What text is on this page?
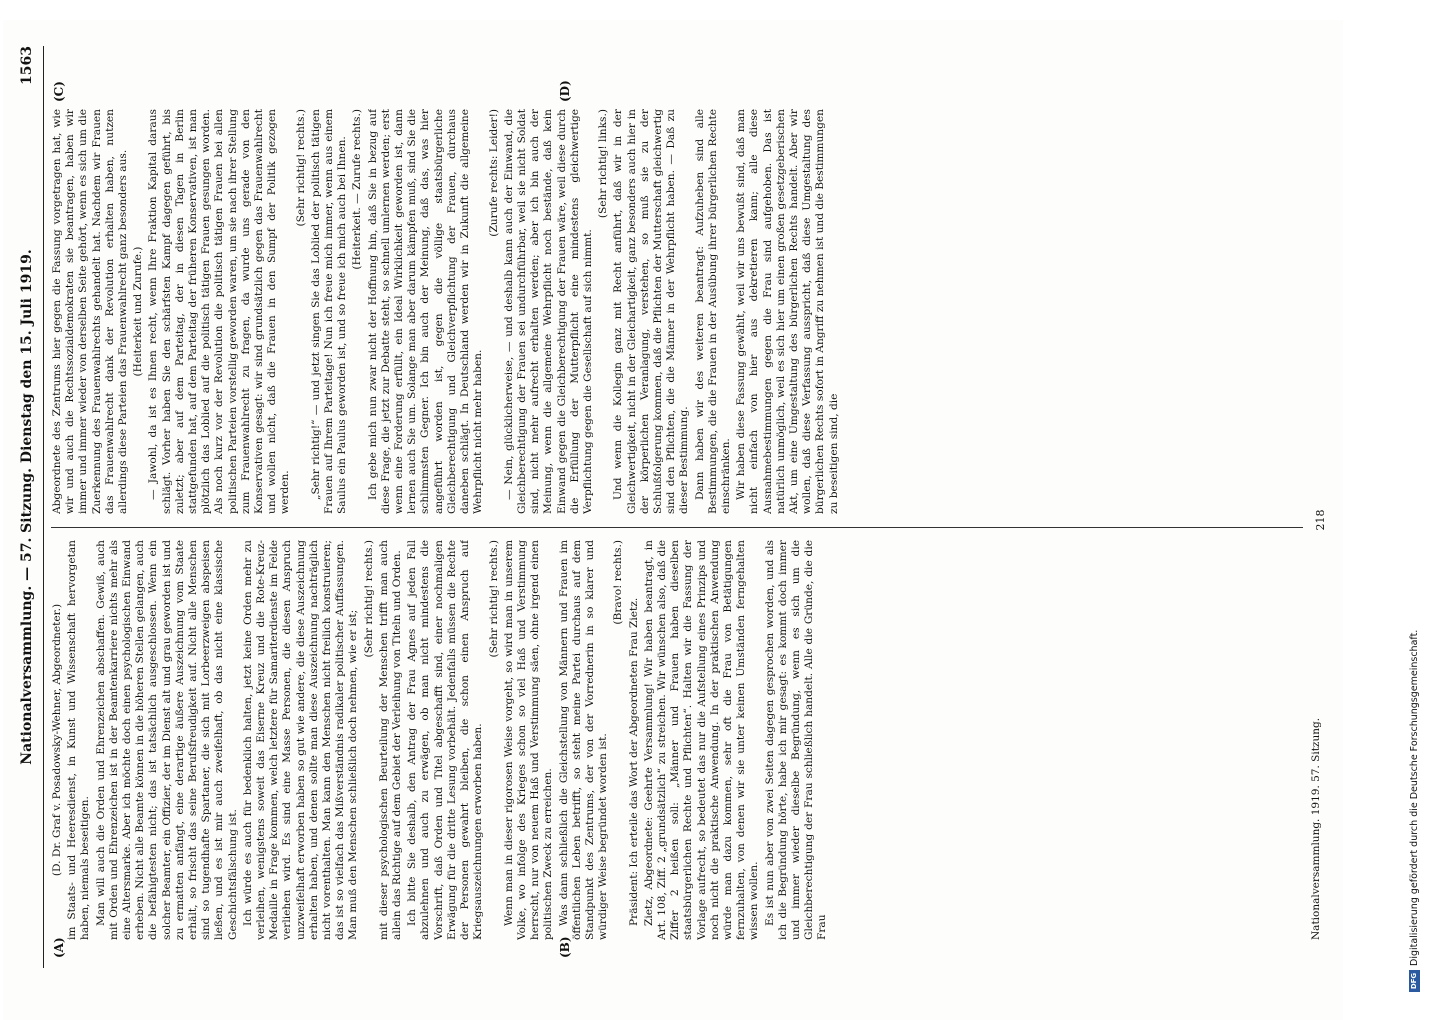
Nationalversammlung. — 57. Sitzung. Dienstag den 15. Juli 1919.
1563
(A)	(B)
(C)	(D)

(D. Dr. Graf v. Posadowsky-Wehner, Abgeordneter.) im Staats- und Heeresdienst, in Kunst und Wissenschaft hervorgetan haben, niemals beseitigen. Man will auch die Orden und Ehrenzeichen abschaffen. Gewiß, auch mit Orden und Ehrenzeichen ist in der Beamtenkarriere nichts mehr als eine Altersmarke. Aber ich möchte doch einen psychologischen Einwand erheben. Nicht alle Beamte können in die höheren Stellen gelangen, auch die befähigtesten nicht; das ist tatsächlich ausgeschlossen. Wenn ein solcher Beamter, ein Offizier, der im Dienst alt und grau geworden ist und zu ermatten anfängt, eine derartige äußere Auszeichnung vom Staate erhält, so frischt das seine Berufsfreudigkeit auf. Nicht alle Menschen sind so tugendhafte Spartaner, die sich mit Lorbeerzweigen abspeisen ließen, und es ist mir auch zweifelhaft, ob das nicht eine klassische Geschichtsfälschung ist. Ich würde es auch für bedenklich halten, jetzt keine Orden mehr zu verleihen, wenigstens soweit das Eiserne Kreuz und die Rote-Kreuz-Medaille in Frage kommen, welch letztere für Samariterdienste im Felde verliehen wird. Es sind eine Masse Personen, die diesen Anspruch unzweifelhaft erworben haben so gut wie andere, die diese Auszeichnung erhalten haben, und denen sollte man diese Auszeichnung nachträglich nicht vorenthalten. Man kann den Menschen nicht freilich konstruieren; das ist so vielfach das Mißverständnis radikaler politischer Auffassungen. Man muß den Menschen schließlich doch nehmen, wie er ist;

(Sehr richtig! rechts.) mit dieser psychologischen Beurteilung der Menschen trifft man auch allein das Richtige auf dem Gebiet der Verleihung von Titeln und Orden. Ich bitte Sie deshalb, den Antrag der Frau Agnes auf jeden Fall abzulehnen und auch zu erwägen, ob man nicht mindestens die Vorschrift, daß Orden und Titel abgeschafft sind, einer nochmaligen Erwägung für die dritte Lesung vorbehält. Jedenfalls müssen die Rechte der Personen gewahrt bleiben, die schon einen Anspruch auf Kriegsauszeichnungen erworben haben.

(Sehr richtig! rechts.) Wenn man in dieser rigorosen Weise vorgeht, so wird man in unserem Volke, wo infolge des Krieges schon so viel Haß und Verstimmung herrscht, nur von neuem Haß und Verstimmung säen, ohne irgend einen politischen Zweck zu erreichen. Was dann schließlich die Gleichstellung von Männern und Frauen im öffentlichen Leben betrifft, so steht meine Partei durchaus auf dem Standpunkt des Zentrums, der von der Vorrednerin in so klarer und würdiger Weise begründet worden ist.

(Bravo! rechts.)

Präsident: Ich erteile das Wort der Abgeordneten Frau Zietz. Zietz, Abgeordnete: Geehrte Versammlung! Wir haben beantragt, in Art. 108, Ziff. 2 „grundsätzlich“ zu streichen. Wir wünschen also, daß die Ziffer 2 heißen soll: „Männer und Frauen haben dieselben staatsbürgerlichen Rechte und Pflichten“. Halten wir die Fassung der Vorlage aufrecht, so bedeutet das nur die Aufstellung eines Prinzips und noch nicht die praktische Anwendung. In der praktischen Anwendung würde man dazu kommen, sehr oft die Frau von Betätigungen fernzuhalten, von denen wir sie unter keinen Umständen ferngehalten wissen wollen. Es ist nun aber von zwei Seiten dagegen gesprochen worden, und als ich die Begründung hörte, habe ich mir gesagt: es kommt doch immer und immer wieder dieselbe Begründung, wenn es sich um die Gleichberechtigung der Frau schließlich handelt. Alle die Gründe, die die Frau

Abgeordnete des Zentrums hier gegen die Fassung vorgetragen hat, wie wir und auch die Rechtssozialdemokraten sie beantragen, haben wir immer und immer wieder von derselben Seite gehört, wenn es sich um die Zuerkennung des Frauenwahlrechts gehandelt hat. Nachdem wir Frauen das Frauenwahlrecht dank der Revolution erhalten haben, nutzen allerdings diese Parteien das Frauenwahlrecht ganz besonders aus. (Heiterkeit und Zurufe.) — Jawohl, da ist es Ihnen recht, wenn Ihre Fraktion Kapital daraus schlägt. Vorher haben Sie den schärfsten Kampf dagegen geführt, bis zuletzt; aber auf dem Parteitag, der in diesen Tagen in Berlin stattgefunden hat, auf dem Parteitag der früheren Konservativen, ist man plötzlich das Loblied auf die politisch tätigen Frauen gesungen worden. Als noch kurz vor der Revolution die politisch tätigen Frauen bei allen politischen Parteien vorstellig geworden waren, um sie nach ihrer Stellung zum Frauenwahlrecht zu fragen, da wurde uns gerade von den Konservativen gesagt: wir sind grundsätzlich gegen das Frauenwahlrecht und wollen nicht, daß die Frauen in den Sumpf der Politik gezogen werden.

(Sehr richtig! rechts.) „Sehr richtig!“ — und jetzt singen Sie das Loblied der politisch tätigen Frauen auf Ihrem Parteitage! Nun ich freue mich immer, wenn aus einem Saulus ein Paulus geworden ist, und so freue ich mich auch bei Ihnen. (Heiterkeit. — Zurufe rechts.) Ich gebe mich nun zwar nicht der Hoffnung hin, daß Sie in bezug auf diese Frage, die jetzt zur Debatte steht, so schnell umlernen werden; erst wenn eine Forderung erfüllt, ein Ideal Wirklichkeit geworden ist, dann lernen auch Sie um. Solange man aber darum kämpfen muß, sind Sie die schlimmsten Gegner. Ich bin auch der Meinung, daß das, was hier angeführt worden ist, gegen die völlige staatsbürgerliche Gleichberechtigung und Gleichverpflichtung der Frauen, durchaus daneben schlägt. In Deutschland werden wir in Zukunft die allgemeine Wehrpflicht nicht mehr haben.

(Zurufe rechts: Leider!) — Nein, glücklicherweise, — und deshalb kann auch der Einwand, die Gleichberechtigung der Frauen sei undurchführbar, weil sie nicht Soldat sind, nicht mehr aufrecht erhalten werden; aber ich bin auch der Meinung, wenn die allgemeine Wehrpflicht noch bestände, daß kein Einwand gegen die Gleichberechtigung der Frauen wäre, weil diese durch die Erfüllung der Mutterpflicht eine mindestens gleichwertige Verpflichtung gegen die Gesellschaft auf sich nimmt.

(Sehr richtig! links.) Und wenn die Kollegin ganz mit Recht anführt, daß wir in der Gleichwertigkeit, nicht in der Gleichartigkeit, ganz besonders auch hier in der körperlichen Veranlagung, verstehen, so muß sie zu der Schlußfolgerung kommen, daß die Pflichten der Mutterschaft gleichwertig sind den Pflichten, die die Männer in der Wehrpflicht haben. — Daß zu dieser Bestimmung. Dann haben wir des weiteren beantragt: Aufzuheben sind alle Bestimmungen, die die Frauen in der Ausübung ihrer bürgerlichen Rechte einschränken. Wir haben diese Fassung gewählt, weil wir uns bewußt sind, daß man nicht einfach von hier aus dekretieren kann; alle diese Ausnahmebestimmungen gegen die Frau sind aufgehoben. Das ist natürlich unmöglich, weil es sich hier um einen großen gesetzgeberischen Akt, um eine Umgestaltung des bürgerlichen Rechts handelt. Aber wir wollen, daß diese Verfassung ausspricht, daß diese Umgestaltung des bürgerlichen Rechts sofort in Angriff zu nehmen ist und die Bestimmungen zu beseitigen sind, die

Nationalversammlung. 1919. 57. Sitzung.
218
DFGDigitalisierung gefördert durch die Deutsche Forschungsgemeinschaft.
